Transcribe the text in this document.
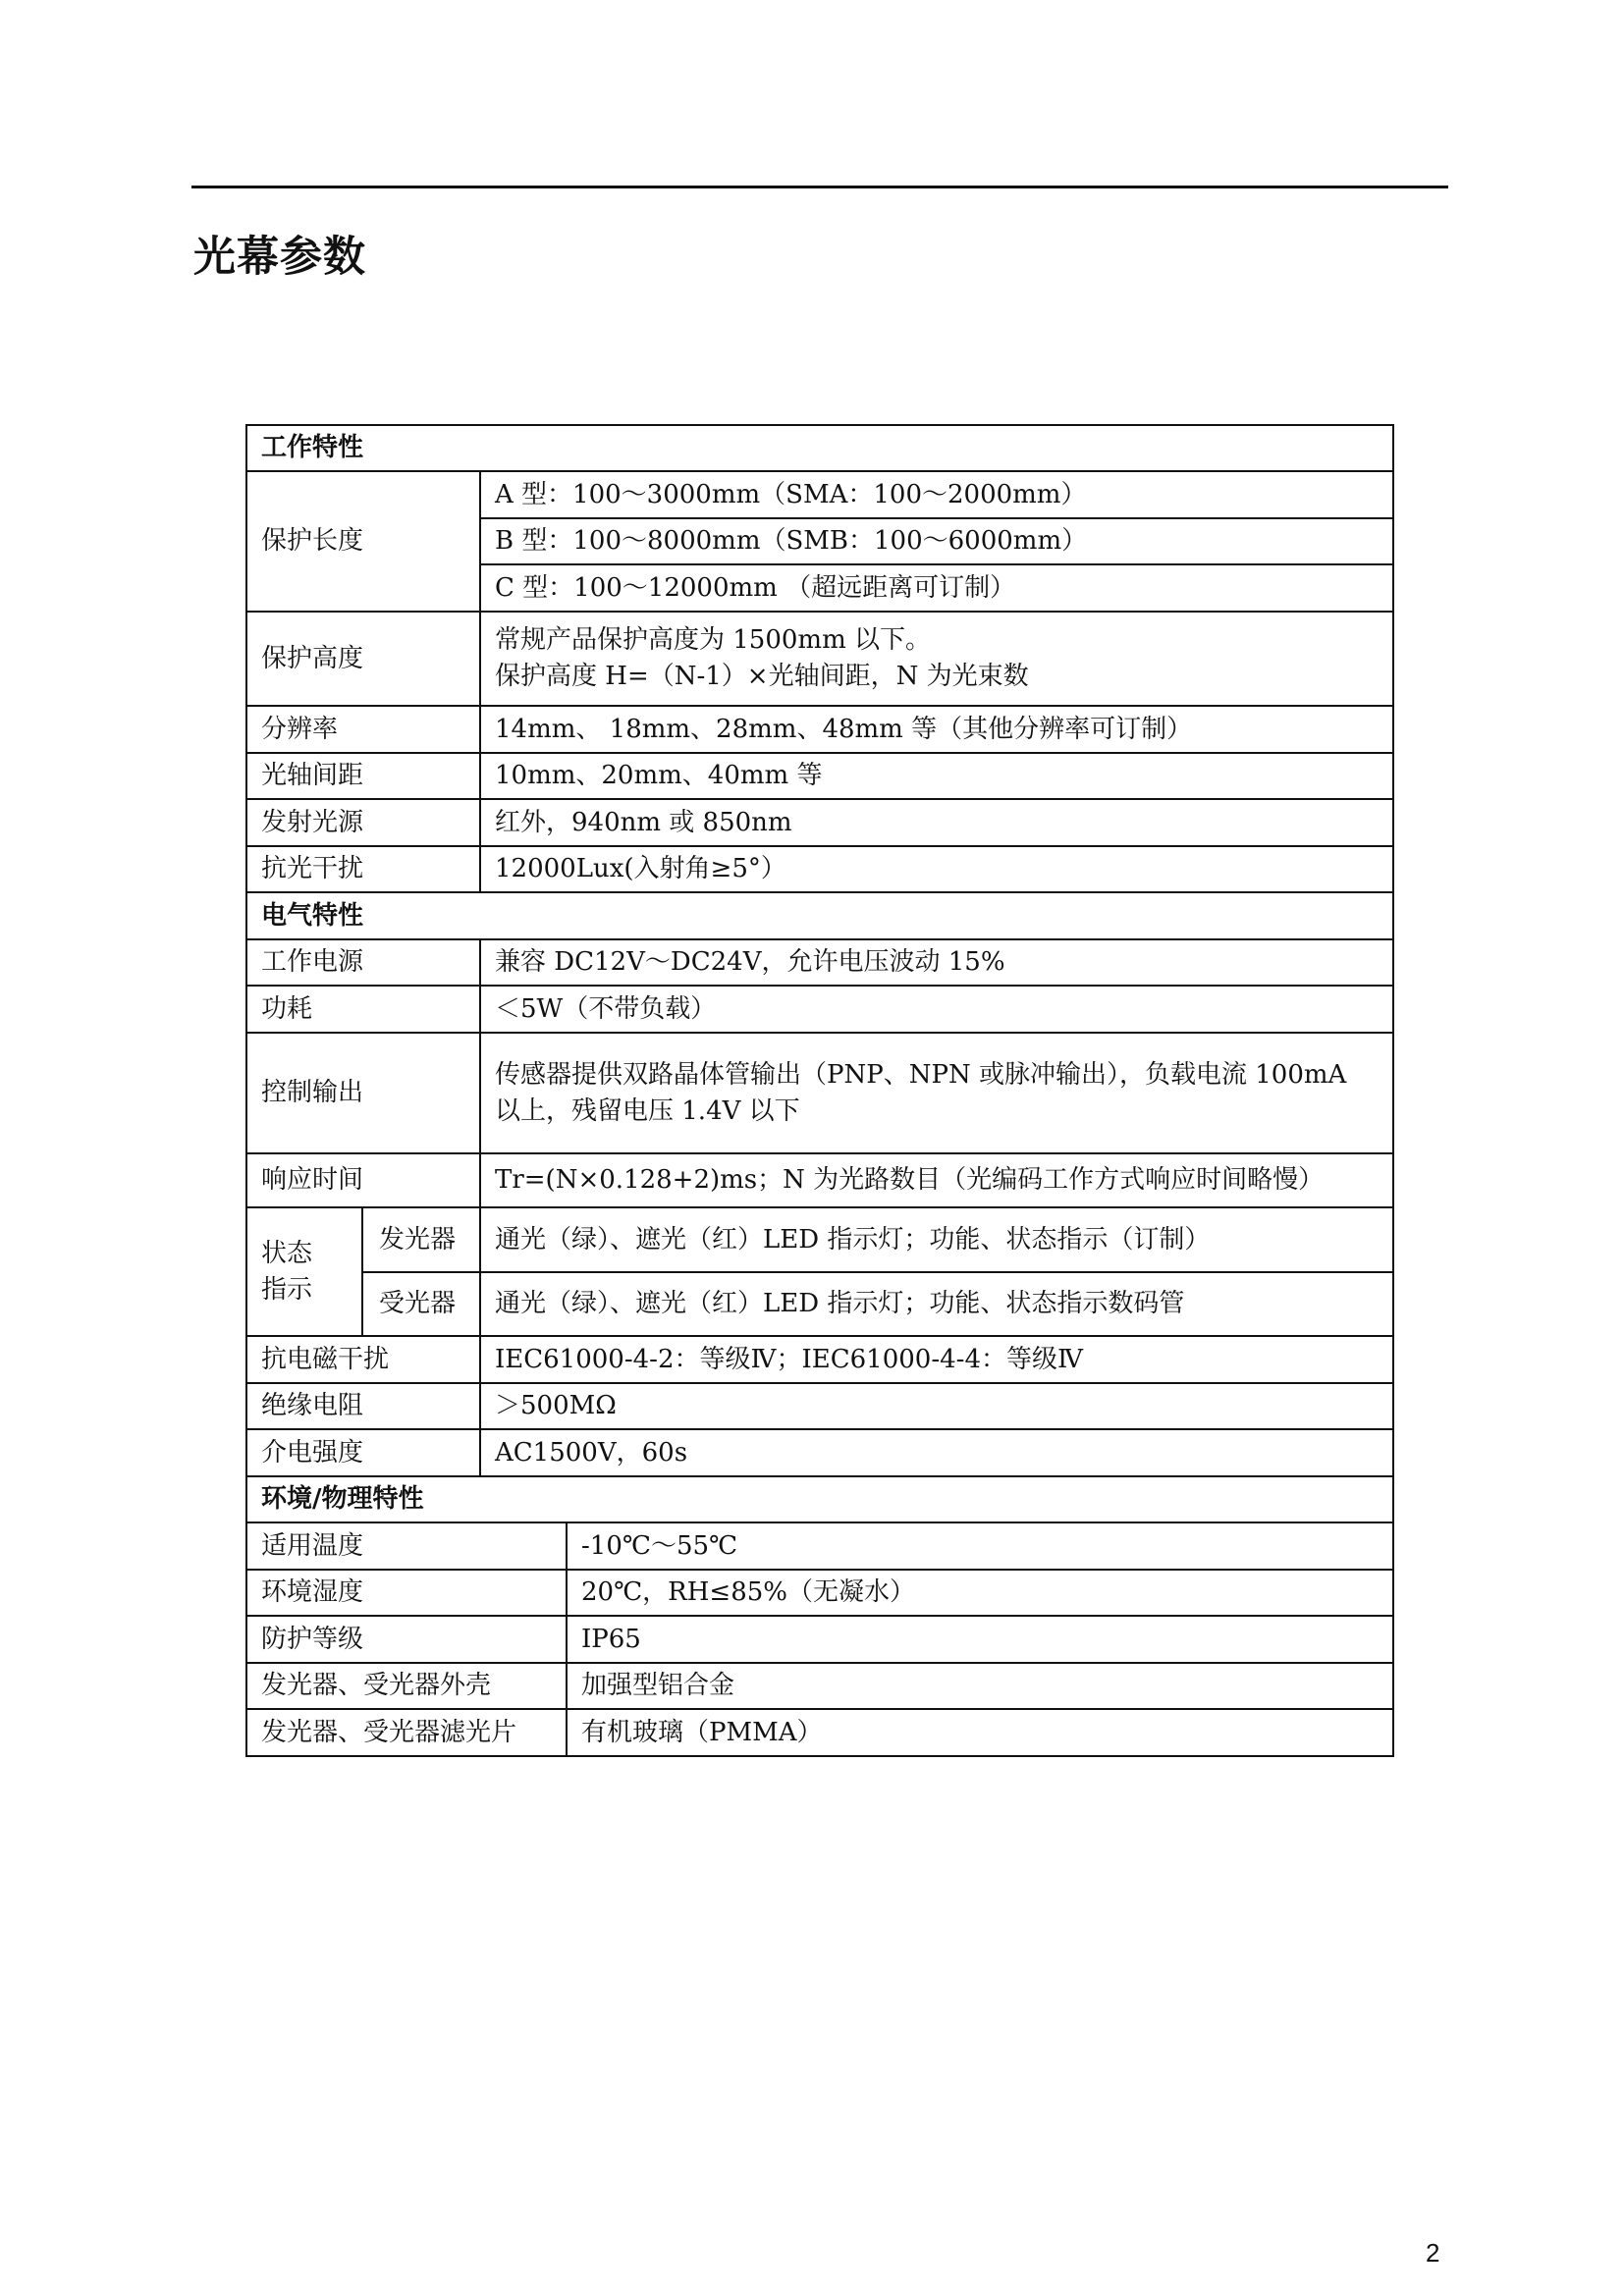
光幕参数
工作特性			
保护长度		A 型：100～3000mm（SMA：100～2000mm）	
		B 型：100～8000mm（SMB：100～6000mm）	
		C 型：100～12000mm （超远距离可订制）	
保护高度		常规产品保护高度为 1500mm 以下。
保护高度 H=（N-1）×光轴间距，N 为光束数	

分辨率		14mm、 18mm、28mm、48mm 等（其他分辨率可订制）	
光轴间距		10mm、20mm、40mm 等	
发射光源		红外，940nm 或 850nm	
抗光干扰		12000Lux(入射角≥5°）	
电气特性			
工作电源		兼容 DC12V～DC24V，允许电压波动 15%	
功耗		＜5W（不带负载）	
控制输出		传感器提供双路晶体管输出（PNP、NPN 或脉冲输出），负载电流 100mA
以上，残留电压 1.4V 以下	

响应时间		Tr=(N×0.128+2)ms；N 为光路数目（光编码工作方式响应时间略慢）	

状态
指示	发光器	通光（绿）、遮光（红）LED 指示灯；功能、状态指示（订制）	
	受光器	通光（绿）、遮光（红）LED 指示灯；功能、状态指示数码管	
抗电磁干扰		IEC61000-4-2：等级Ⅳ；IEC61000-4-4：等级Ⅳ	
绝缘电阻		＞500MΩ	
介电强度		AC1500V，60s	
环境/物理特性			
适用温度			-10℃～55℃
环境湿度			20℃，RH≤85%（无凝水）
防护等级			IP65
发光器、受光器外壳			加强型铝合金
发光器、受光器滤光片			有机玻璃（PMMA）
2
